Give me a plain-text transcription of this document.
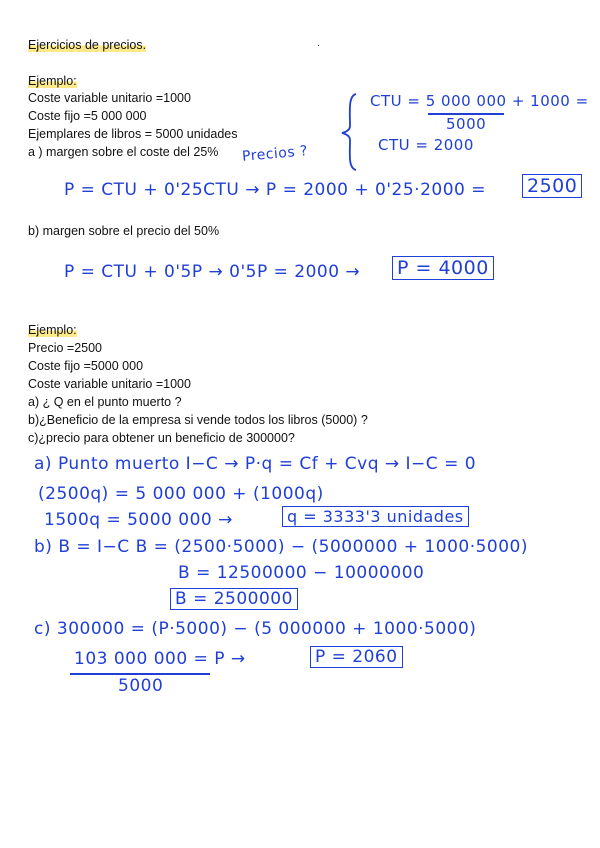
Ejercicios de precios.
Ejemplo:
Coste variable unitario =1000
Coste fijo =5 000 000
Ejemplares de libros = 5000 unidades
a ) margen sobre el coste del 25%
CTU = 5 000 000 + 1000 =
5000
CTU = 2000
Precios ?
P = CTU + 0'25CTU → P = 2000 + 0'25·2000 = 2500
b) margen sobre el precio del 50%
P = CTU + 0'5P → 0'5P = 2000 → P = 4000
Ejemplo:
Precio =2500
Coste fijo =5000 000
Coste variable unitario =1000
a) ¿ Q en el punto muerto ?
b)¿Beneficio de la empresa si vende todos los libros (5000) ?
c)¿precio para obtener un beneficio de 300000?
a) Punto muerto I−C → P·q = Cf + Cvq → I−C = 0
(2500q) = 5 000 000 + (1000q)
1500q = 5000 000 →	q = 3333'3 unidades
b) B = I−C B = (2500·5000) − (5000000 + 1000·5000)
B = 12500000 − 10000000
B = 2500000
c) 300000 = (P·5000) − (5 000000 + 1000·5000)
103 000 000 = P →	P = 2060
5000
